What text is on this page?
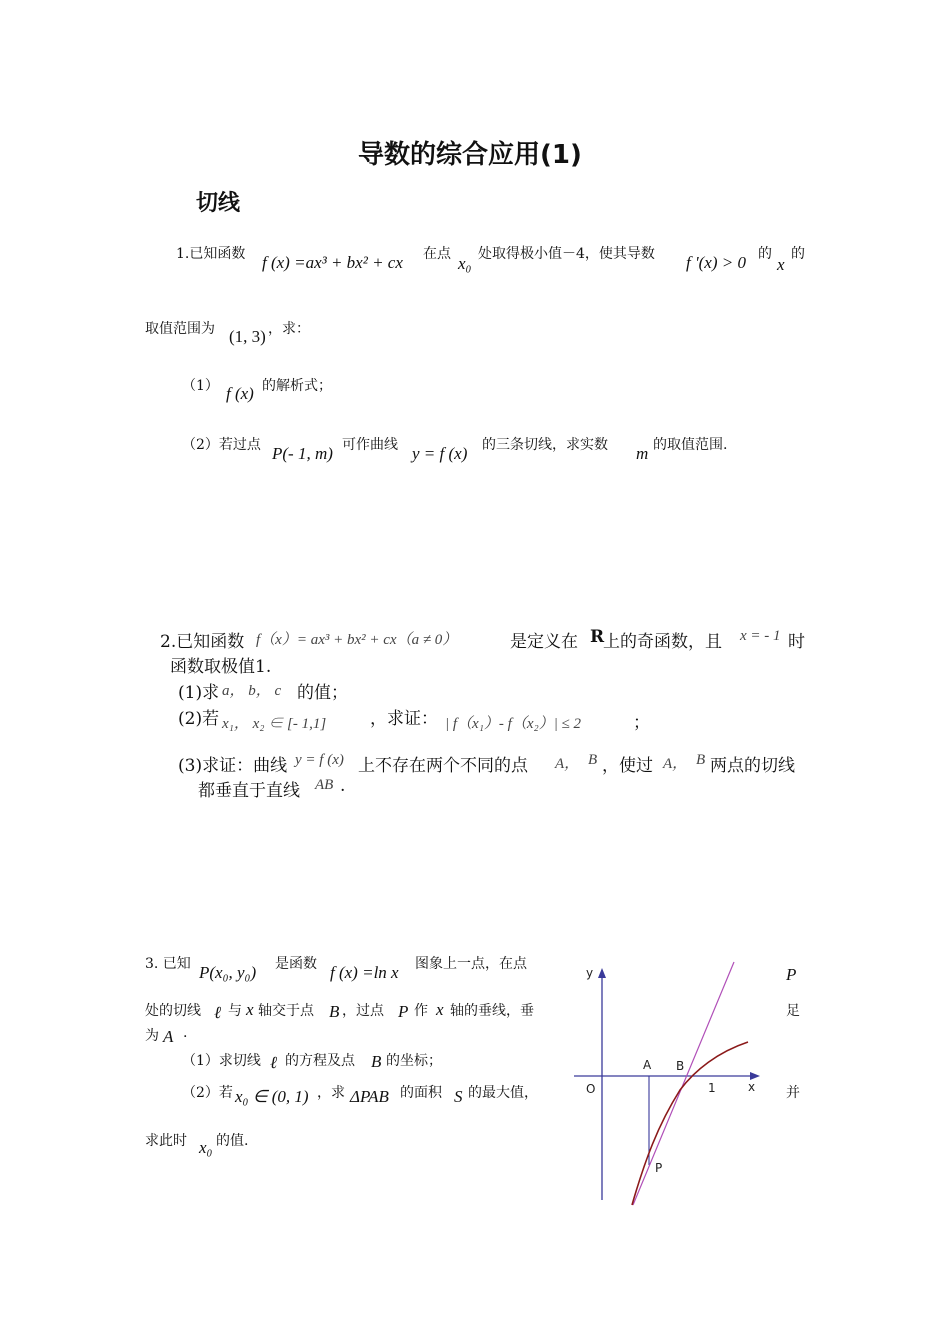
导数的综合应用(1)
切线
1.已知函数 f (x) =ax³ + bx² + cx 在点 x₀ 处取得极小值－4，使其导数 f '(x) > 0 的
x
的
取值范围为 (1, 3) ，求：
（1） f (x) 的解析式；
（2）若过点 P(- 1, m) 可作曲线 y = f (x) 的三条切线，求实数 m 的取值范围.
2.已知函数 f（x）= ax³ + bx² + cx（a ≠ 0）	是定义在 R
上的奇函数，且 x = - 1 时
函数取极值1.
(1)求 a， b， c 的值；
(2)若 x₁， x₂ ∈ [- 1,1]	，求证： | f（x₁）- f（x₂）| ≤ 2	；
(3)求证：曲线 y = f (x) 上不存在两个不同的点 A， B ，使过 A， B 两点的切线
都垂直于直线 AB .
3. 已知 P(x₀, y₀) 是函数 f (x) =ln x 图象上一点，在点
P
处的切线 ℓ 与 x 轴交于点 B ，过点 P 作 x 轴的垂线，垂	足
为 A .
（1）求切线 ℓ 的方程及点 B 的坐标；
（2）若 x₀ ∈ (0, 1) ，求 ΔPAB 的面积 S 的最大值，	并
求此时 x₀ 的值.
y
x
O
A B
1
P
